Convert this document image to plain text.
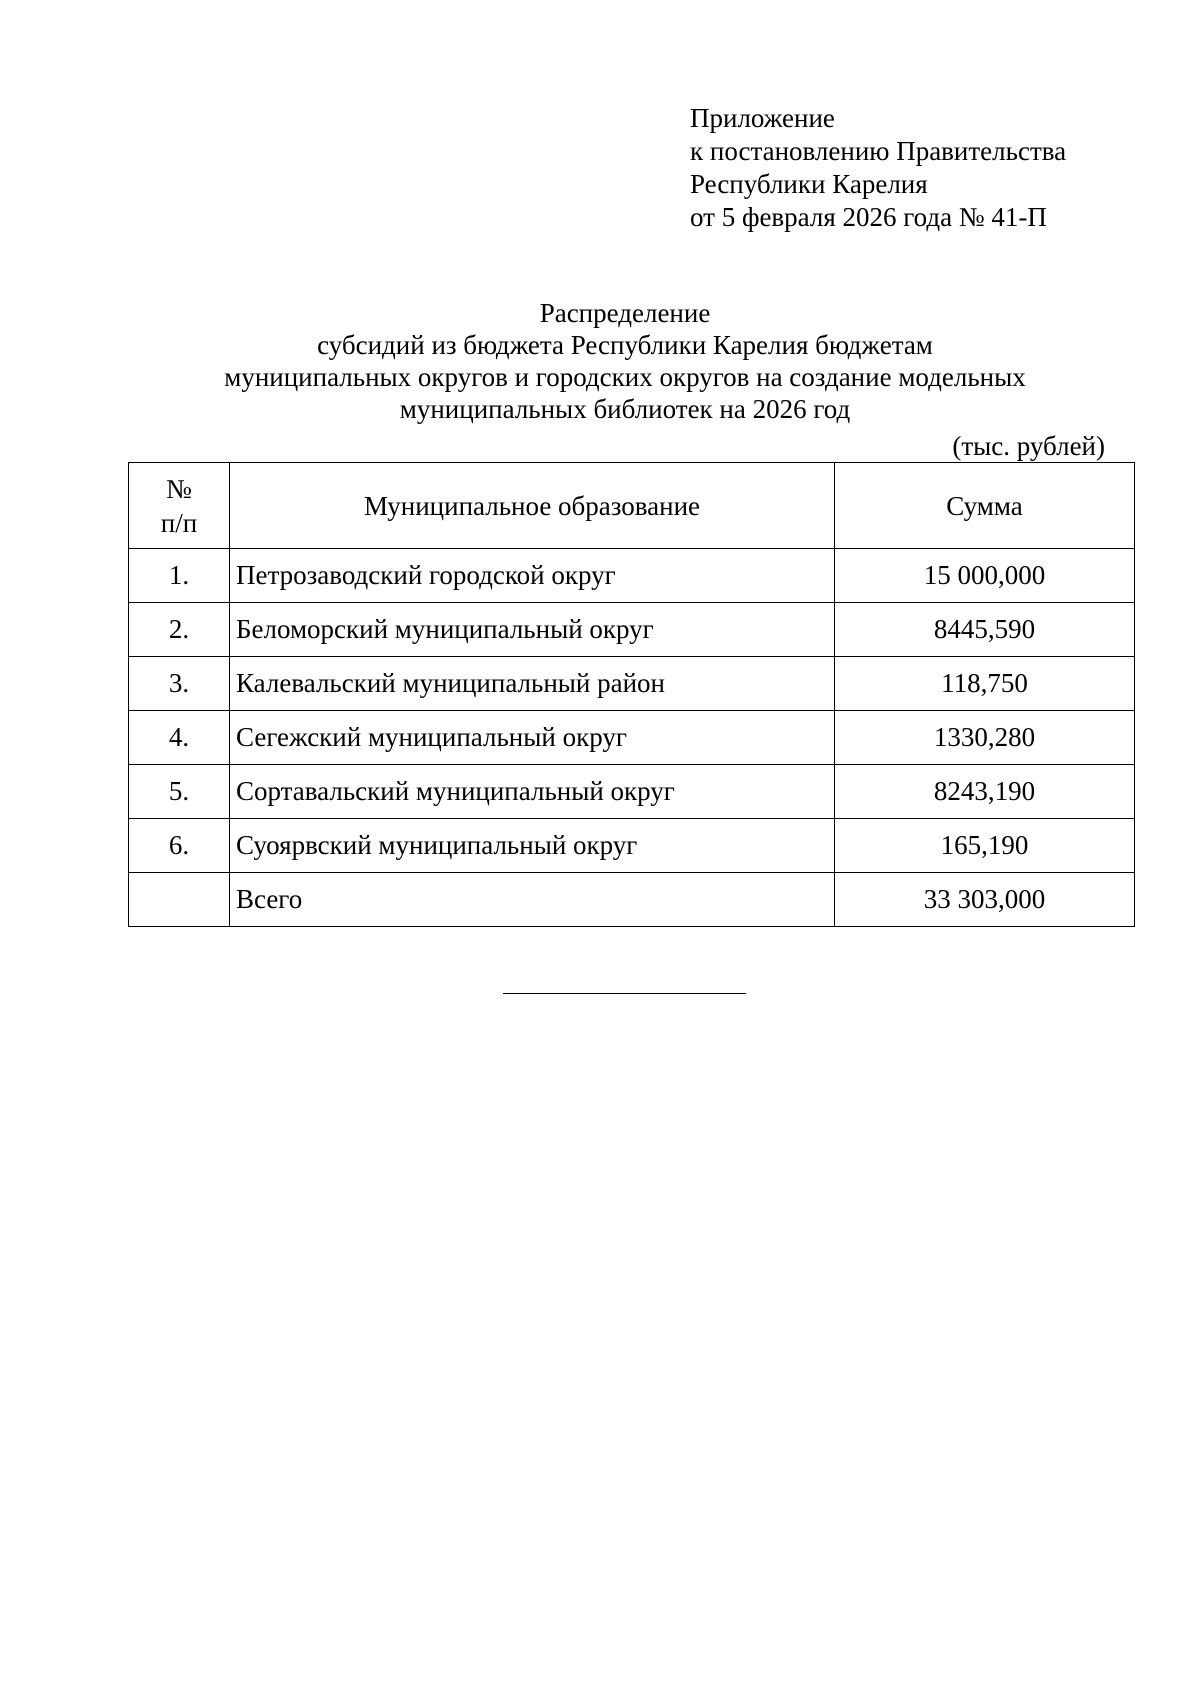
Приложение
к постановлению Правительства
Республики Карелия
от 5 февраля 2026 года № 41-П
Распределение
субсидий из бюджета Республики Карелия бюджетам
муниципальных округов и городских округов на создание модельных
муниципальных библиотек на 2026 год
(тыс. рублей)
№
п/п	Муниципальное образование	Сумма
1.	Петрозаводский городской округ	15 000,000
2.	Беломорский муниципальный округ	8445,590
3.	Калевальский муниципальный район	118,750
4.	Сегежский муниципальный округ	1330,280
5.	Сортавальский муниципальный округ	8243,190
6.	Суоярвский муниципальный округ	165,190
	Всего	33 303,000
